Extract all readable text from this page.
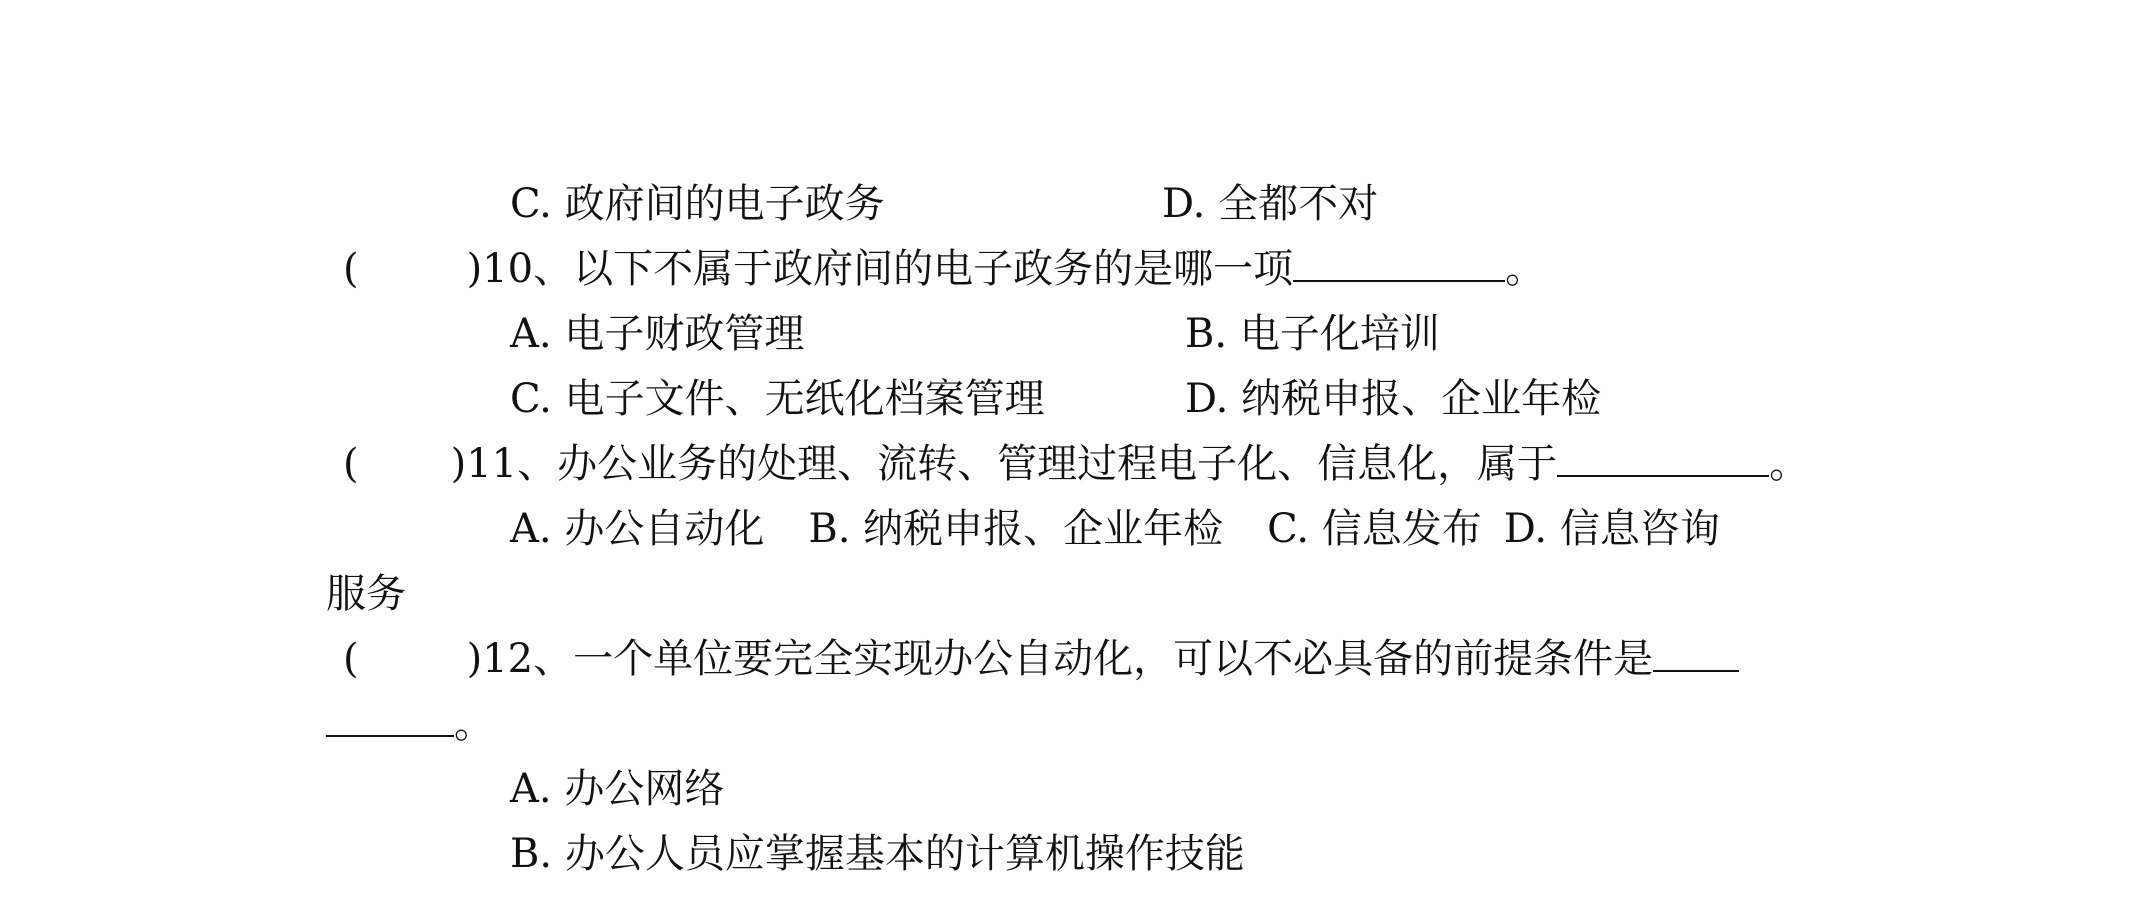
C. 政府间的电子政务	D. 全都不对
(	)10、以下不属于政府间的电子政务的是哪一项	。
A. 电子财政管理	B. 电子化培训
C. 电子文件、无纸化档案管理	D. 纳税申报、企业年检
( )11、办公业务的处理、流转、管理过程电子化、信息化，属于	。
A. 办公自动化 B. 纳税申报、企业年检 C. 信息发布 D. 信息咨询
服务
(	)12、一个单位要完全实现办公自动化，可以不必具备的前提条件是
。
A. 办公网络
B. 办公人员应掌握基本的计算机操作技能
